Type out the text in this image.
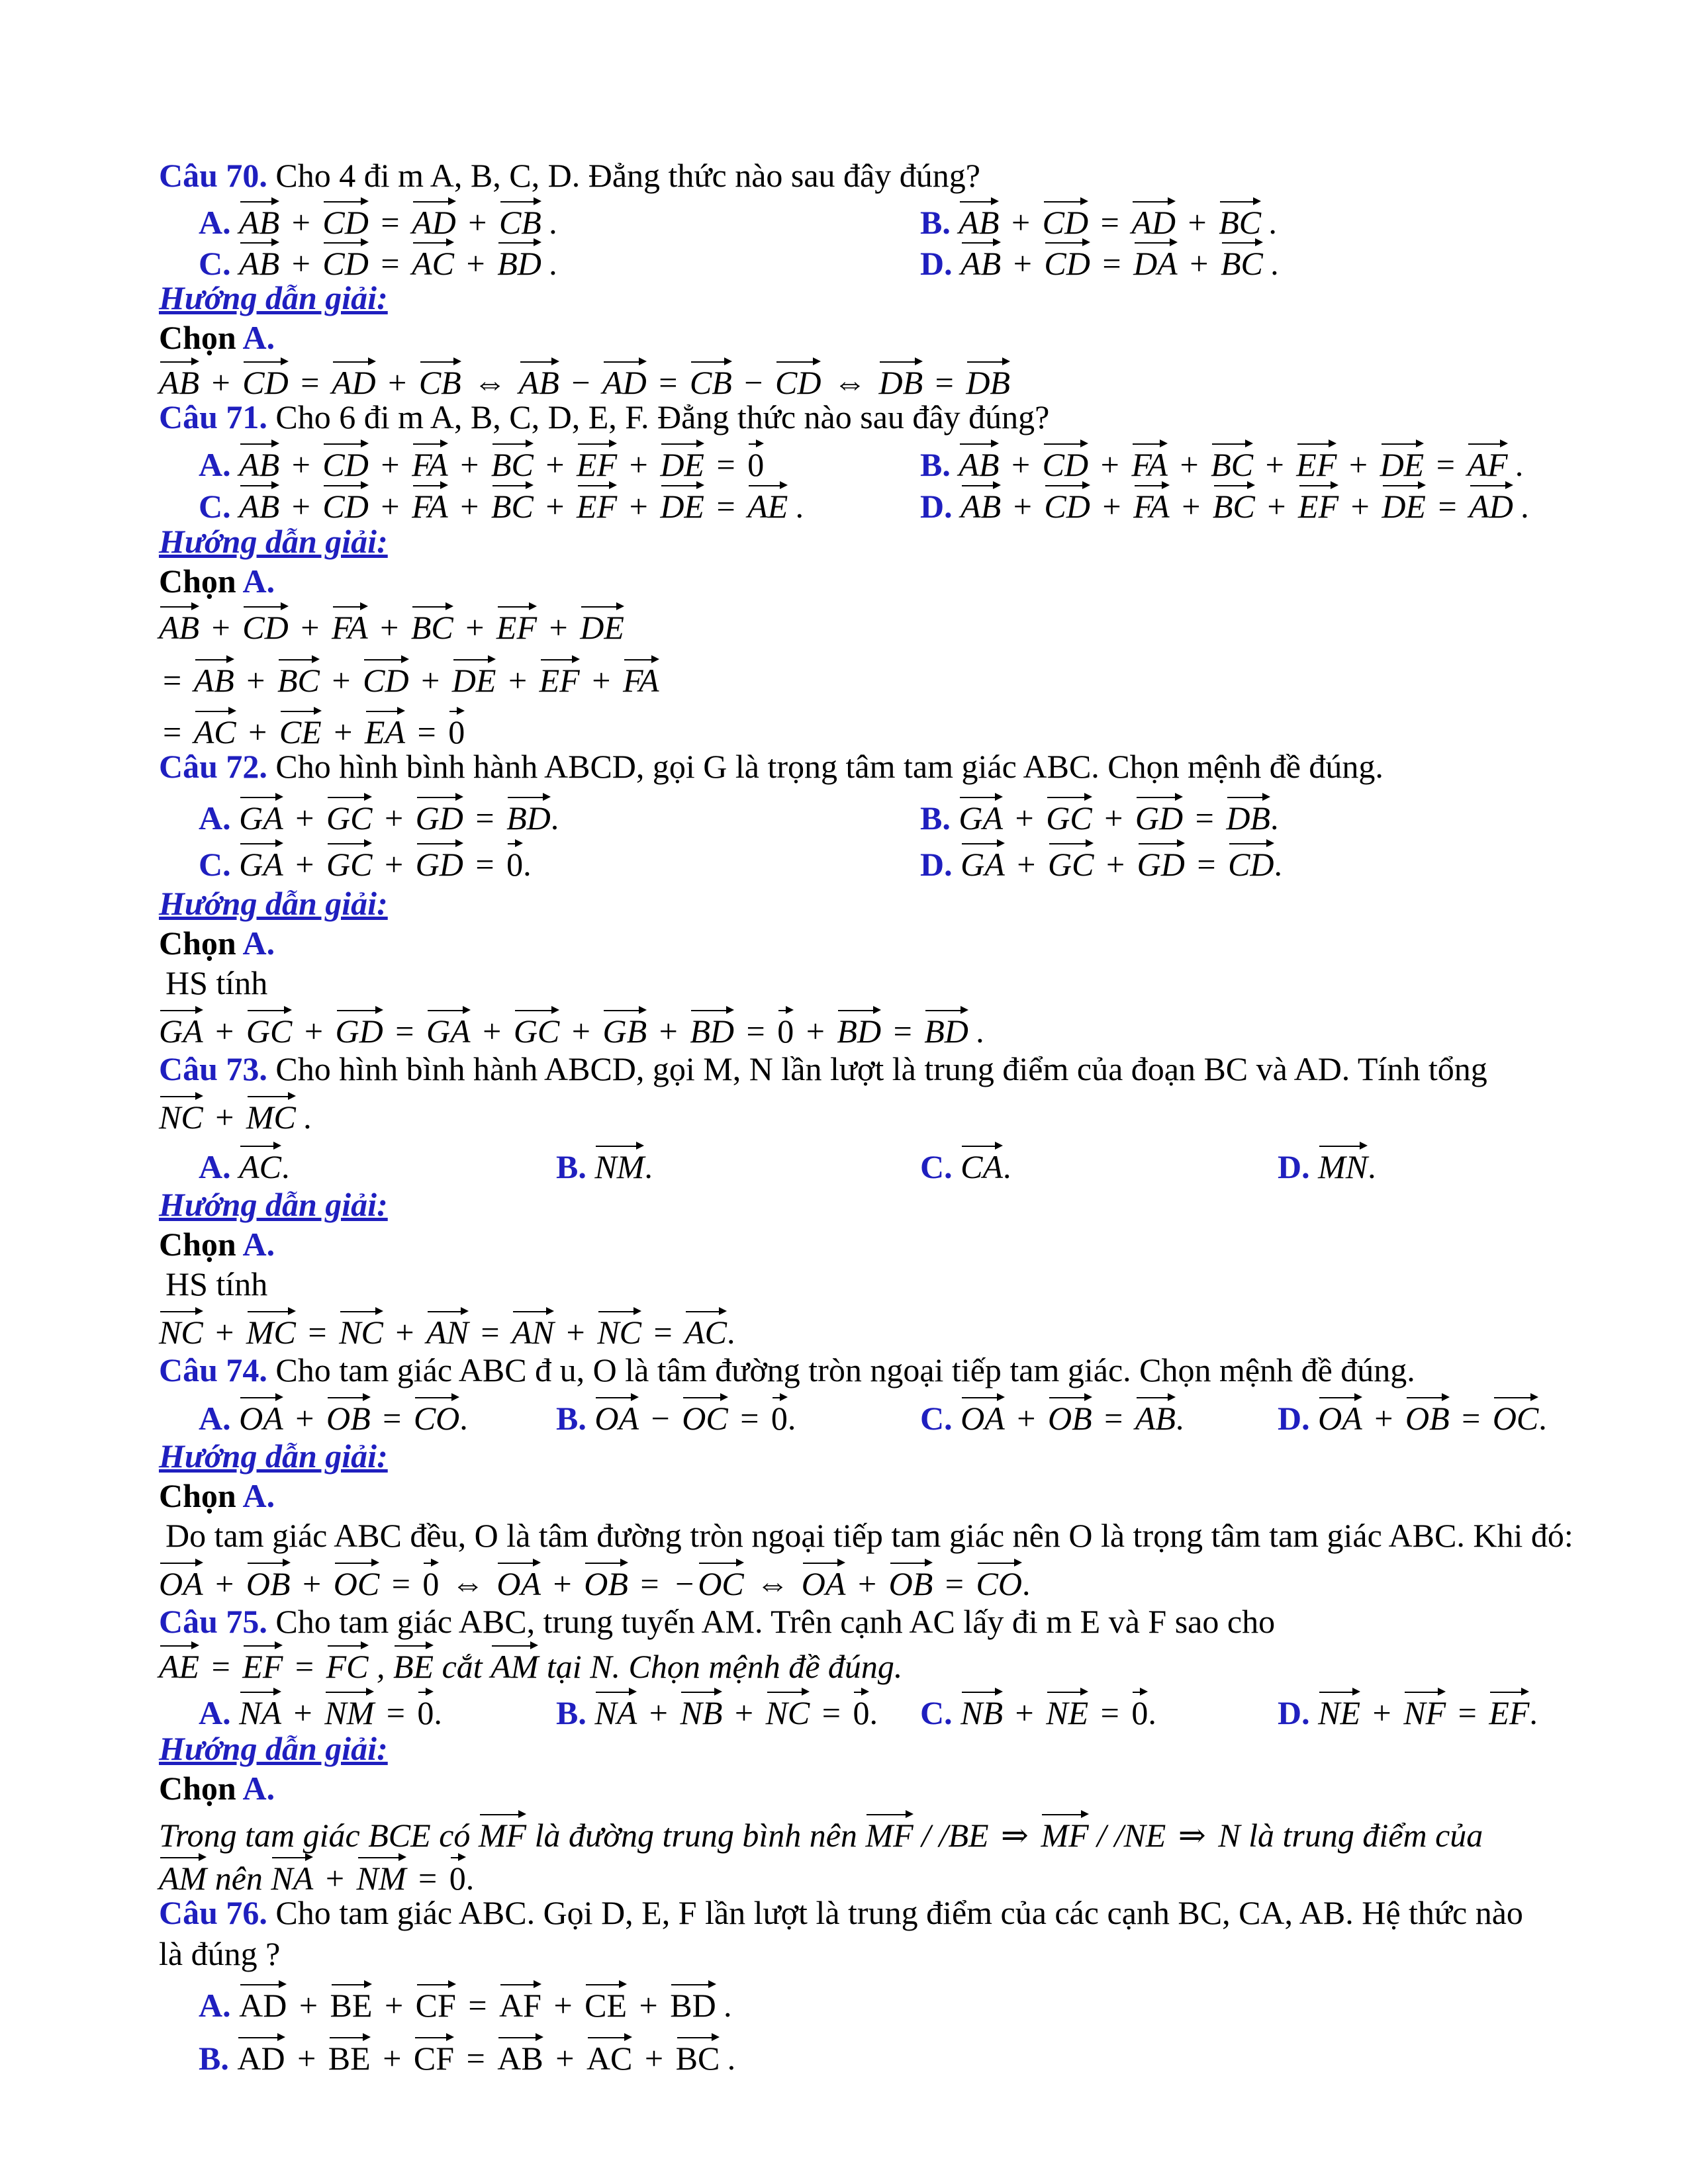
Câu 70. Cho 4 đi m A, B, C, D. Đẳng thức nào sau đây đúng?
A. AB + CD = AD + CB .	B. AB + CD = AD + BC .
C. AB + CD = AC + BD .	D. AB + CD = DA + BC .
Hướng dẫn giải:
Chọn A.
AB + CD = AD + CB ⇔ AB − AD = CB − CD ⇔ DB = DB
Câu 71. Cho 6 đi m A, B, C, D, E, F. Đẳng thức nào sau đây đúng?
A. AB + CD + FA + BC + EF + DE = 0	B. AB + CD + FA + BC + EF + DE = AF .
C. AB + CD + FA + BC + EF + DE = AE .	D. AB + CD + FA + BC + EF + DE = AD .
Hướng dẫn giải:
Chọn A.
AB + CD + FA + BC + EF + DE
= AB + BC + CD + DE + EF + FA
= AC + CE + EA = 0
Câu 72. Cho hình bình hành ABCD, gọi G là trọng tâm tam giác ABC. Chọn mệnh đề đúng.
A. GA + GC + GD = BD.	B. GA + GC + GD = DB.
C. GA + GC + GD = 0.	D. GA + GC + GD = CD.
Hướng dẫn giải:
Chọn A.
HS tính
GA + GC + GD = GA + GC + GB + BD = 0 + BD = BD .
Câu 73. Cho hình bình hành ABCD, gọi M, N lần lượt là trung điểm của đoạn BC và AD. Tính tổng
NC + MC .
A. AC.	B. NM.	C. CA.	D. MN.
Hướng dẫn giải:
Chọn A.
HS tính
NC + MC = NC + AN = AN + NC = AC.
Câu 74. Cho tam giác ABC đ u, O là tâm đường tròn ngoại tiếp tam giác. Chọn mệnh đề đúng.
A. OA + OB = CO.	B. OA − OC = 0.	C. OA + OB = AB.	D. OA + OB = OC.
Hướng dẫn giải:
Chọn A.
Do tam giác ABC đều, O là tâm đường tròn ngoại tiếp tam giác nên O là trọng tâm tam giác ABC. Khi đó:
OA + OB + OC = 0 ⇔ OA + OB = − OC ⇔ OA + OB = CO.
Câu 75. Cho tam giác ABC, trung tuyến AM. Trên cạnh AC lấy đi m E và F sao cho
AE = EF = FC , BE cắt AM tại N. Chọn mệnh đề đúng.
A. NA + NM = 0.	B. NA + NB + NC = 0. C. NB + NE = 0.	D. NE + NF = EF.
Hướng dẫn giải:
Chọn A.
Trong tam giác BCE có MF là đường trung bình nên MF / /BE ⇒ MF / /NE ⇒ N là trung điểm của
AM nên NA + NM = 0.
Câu 76. Cho tam giác ABC. Gọi D, E, F lần lượt là trung điểm của các cạnh BC, CA, AB. Hệ thức nào
là đúng ?
A. AD + BE + CF = AF + CE + BD .
B. AD + BE + CF = AB + AC + BC .
